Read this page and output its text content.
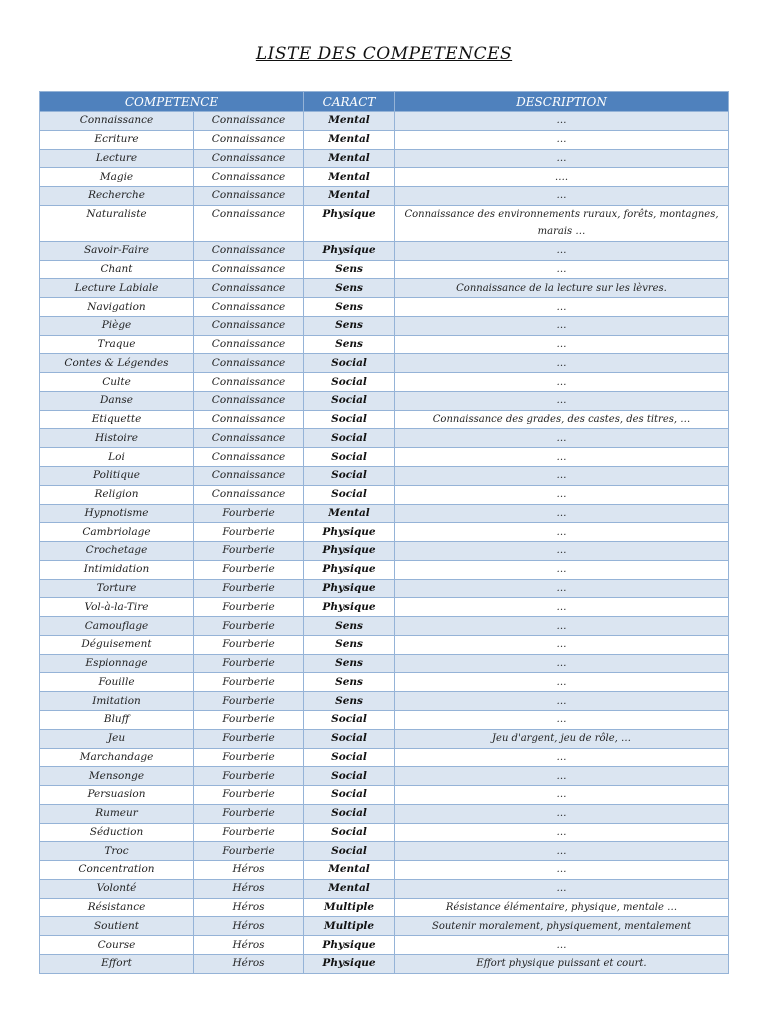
LISTE DES COMPETENCES
COMPETENCE		CARACT	DESCRIPTION
Connaissance	Connaissance	Mental	…
Ecriture	Connaissance	Mental	…
Lecture	Connaissance	Mental	…
Magie	Connaissance	Mental	….
Recherche	Connaissance	Mental	…
Naturaliste	Connaissance	Physique	Connaissance des environnements ruraux, forêts, montagnes, marais …
Savoir-Faire	Connaissance	Physique	…
Chant	Connaissance	Sens	…
Lecture Labiale	Connaissance	Sens	Connaissance de la lecture sur les lèvres.
Navigation	Connaissance	Sens	…
Piège	Connaissance	Sens	…
Traque	Connaissance	Sens	…
Contes & Légendes	Connaissance	Social	…
Culte	Connaissance	Social	…
Danse	Connaissance	Social	…
Etiquette	Connaissance	Social	Connaissance des grades, des castes, des titres, …
Histoire	Connaissance	Social	…
Loi	Connaissance	Social	…
Politique	Connaissance	Social	…
Religion	Connaissance	Social	…
Hypnotisme	Fourberie	Mental	…
Cambriolage	Fourberie	Physique	…
Crochetage	Fourberie	Physique	…
Intimidation	Fourberie	Physique	…
Torture	Fourberie	Physique	…
Vol-à-la-Tire	Fourberie	Physique	…
Camouflage	Fourberie	Sens	…
Déguisement	Fourberie	Sens	…
Espionnage	Fourberie	Sens	…
Fouille	Fourberie	Sens	…
Imitation	Fourberie	Sens	…
Bluff	Fourberie	Social	…
Jeu	Fourberie	Social	Jeu d'argent, jeu de rôle, …
Marchandage	Fourberie	Social	…
Mensonge	Fourberie	Social	…
Persuasion	Fourberie	Social	…
Rumeur	Fourberie	Social	…
Séduction	Fourberie	Social	…
Troc	Fourberie	Social	…
Concentration	Héros	Mental	…
Volonté	Héros	Mental	…
Résistance	Héros	Multiple	Résistance élémentaire, physique, mentale …
Soutient	Héros	Multiple	Soutenir moralement, physiquement, mentalement
Course	Héros	Physique	…
Effort	Héros	Physique	Effort physique puissant et court.
